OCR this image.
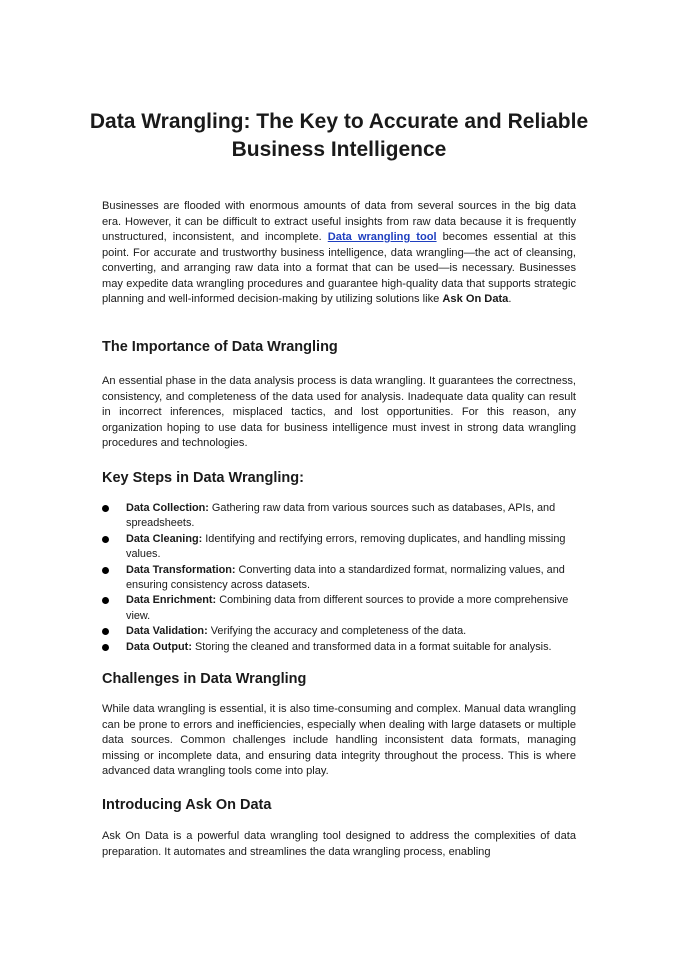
Data Wrangling: The Key to Accurate and Reliable Business Intelligence

Businesses are flooded with enormous amounts of data from several sources in the big data era. However, it can be difficult to extract useful insights from raw data because it is frequently unstructured, inconsistent, and incomplete. Data wrangling tool becomes essential at this point. For accurate and trustworthy business intelligence, data wrangling—the act of cleansing, converting, and arranging raw data into a format that can be used—is necessary. Businesses may expedite data wrangling procedures and guarantee high-quality data that supports strategic planning and well-informed decision-making by utilizing solutions like Ask On Data.

The Importance of Data Wrangling

An essential phase in the data analysis process is data wrangling. It guarantees the correctness, consistency, and completeness of the data used for analysis. Inadequate data quality can result in incorrect inferences, misplaced tactics, and lost opportunities. For this reason, any organization hoping to use data for business intelligence must invest in strong data wrangling procedures and technologies.

Key Steps in Data Wrangling:
Data Collection: Gathering raw data from various sources such as databases, APIs, and spreadsheets.
Data Cleaning: Identifying and rectifying errors, removing duplicates, and handling missing values.
Data Transformation: Converting data into a standardized format, normalizing values, and ensuring consistency across datasets.
Data Enrichment: Combining data from different sources to provide a more comprehensive view.
Data Validation: Verifying the accuracy and completeness of the data.
Data Output: Storing the cleaned and transformed data in a format suitable for analysis.
Challenges in Data Wrangling

While data wrangling is essential, it is also time-consuming and complex. Manual data wrangling can be prone to errors and inefficiencies, especially when dealing with large datasets or multiple data sources. Common challenges include handling inconsistent data formats, managing missing or incomplete data, and ensuring data integrity throughout the process. This is where advanced data wrangling tools come into play.

Introducing Ask On Data

Ask On Data is a powerful data wrangling tool designed to address the complexities of data preparation. It automates and streamlines the data wrangling process, enabling
